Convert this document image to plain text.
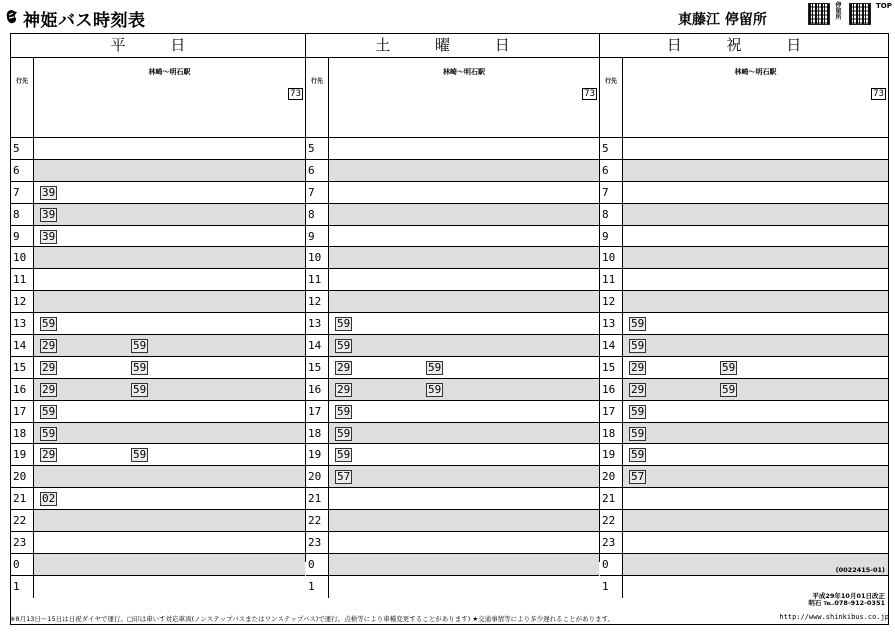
神姫バス時刻表	東藤江 停留所
停留所
TOP
平 日
行先
林崎～明石駅
73
5
6
7	39
8	39
9	39
10
11
12
13	59
14	29	59
15	29	59
16	29	59
17	59
18	59
19	29	59
20
21	02
22
23
0
1
土 曜 日
行先
林崎～明石駅
73
5
6
7
8
9
10
11
12
13	59
14	59
15	29	59
16	29	59
17	59
18	59
19	59
20	57
21
22
23
0
1
日 祝 日
行先
林崎～明石駅
73
5
6
7
8
9
10
11
12
13	59
14	59
15	29	59
16	29	59
17	59
18	59
19	59
20	57
21
22
23
0
1
(0022415-01)
平成29年10月01日改正
明石 ℡.078-912-0351
※8月13日～15日は日祝ダイヤで運行。□印は車いす対応車両(ノンステップバスまたはワンステップバス)で運行。点検等により車種変更することがあります) ★交通事情等により多少遅れることがあります。	http://www.shinkibus.co.jp
